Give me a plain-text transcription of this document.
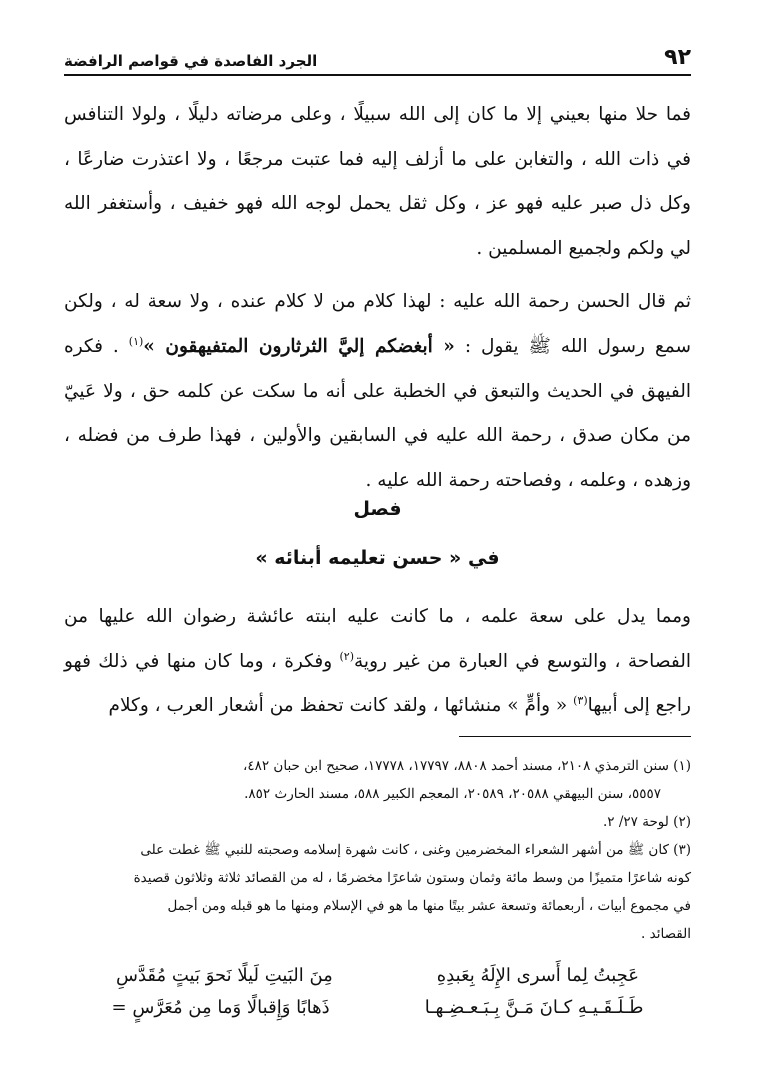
٩٢
الجرد الفاصدة في قواصم الرافضة

فما حلا منها بعيني إلا ما كان إلى الله سبيلًا ، وعلى مرضاته دليلًا ، ولولا التنافس في ذات الله ، والتغابن على ما أزلف إليه فما عتبت مرجعًا ، ولا اعتذرت ضارعًا ، وكل ذل صبر عليه فهو عز ، وكل ثقل يحمل لوجه الله فهو خفيف ، وأستغفر الله لي ولكم ولجميع المسلمين .

ثم قال الحسن رحمة الله عليه : لهذا كلام من لا كلام عنده ، ولا سعة له ، ولكن سمع رسول الله ﷺ يقول : « أبغضكم إليَّ الثرثارون المتفيهقون »$^{(١)}$ . فكره الفيهق في الحديث والتبعق في الخطبة على أنه ما سكت عن كلمه حق ، ولا عَييّ من مكان صدق ، رحمة الله عليه في السابقين والأولين ، فهذا طرف من فضله ، وزهده ، وعلمه ، وفصاحته رحمة الله عليه .

فصل
في « حسن تعليمه أبنائه »

ومما يدل على سعة علمه ، ما كانت عليه ابنته عائشة رضوان الله عليها من الفصاحة ، والتوسع في العبارة من غير روية$^{(٢)}$ وفكرة ، وما كان منها في ذلك فهو راجع إلى أبيها$^{(٣)}$ « وأمٍّ » منشائها ، ولقد كانت تحفظ من أشعار العرب ، وكلام

(١) سنن الترمذي ٢١٠٨، مسند أحمد ٨٨٠٨، ١٧٧٩٧، ١٧٧٧٨، صحيح ابن حبان ٤٨٢،

٥٥٥٧، سنن البيهقي ٢٠٥٨٨، ٢٠٥٨٩، المعجم الكبير ٥٨٨، مسند الحارث ٨٥٢.

(٢) لوحة ٢٧/ ٢.

(٣) كان ﷺ من أشهر الشعراء المخضرمين وغنى ، كانت شهرة إسلامه وصحبته للنبي ﷺ غطت على

كونه شاعرًا متميزًا من وسط مائة وثمان وستون شاعرًا مخضرمًا ، له من القصائد ثلاثة وثلاثون قصيدة

في مجموع أبيات ، أربعمائة وتسعة عشر بيتًا منها ما هو في الإسلام ومنها ما هو قبله ومن أجمل

القصائد .

عَجِبتُ لِما أَسرى الإِلَهُ بِعَبدِهِ
مِنَ البَيتِ لَيلًا نَحوَ بَيتٍ مُقَدَّسِ
طَـلَـقَـيـهِ كـانَ مَـنَّ بِـبَـعـضِـهـا
ذَهابًا وَإِقبالًا وَما مِن مُعَرَّسٍ =
